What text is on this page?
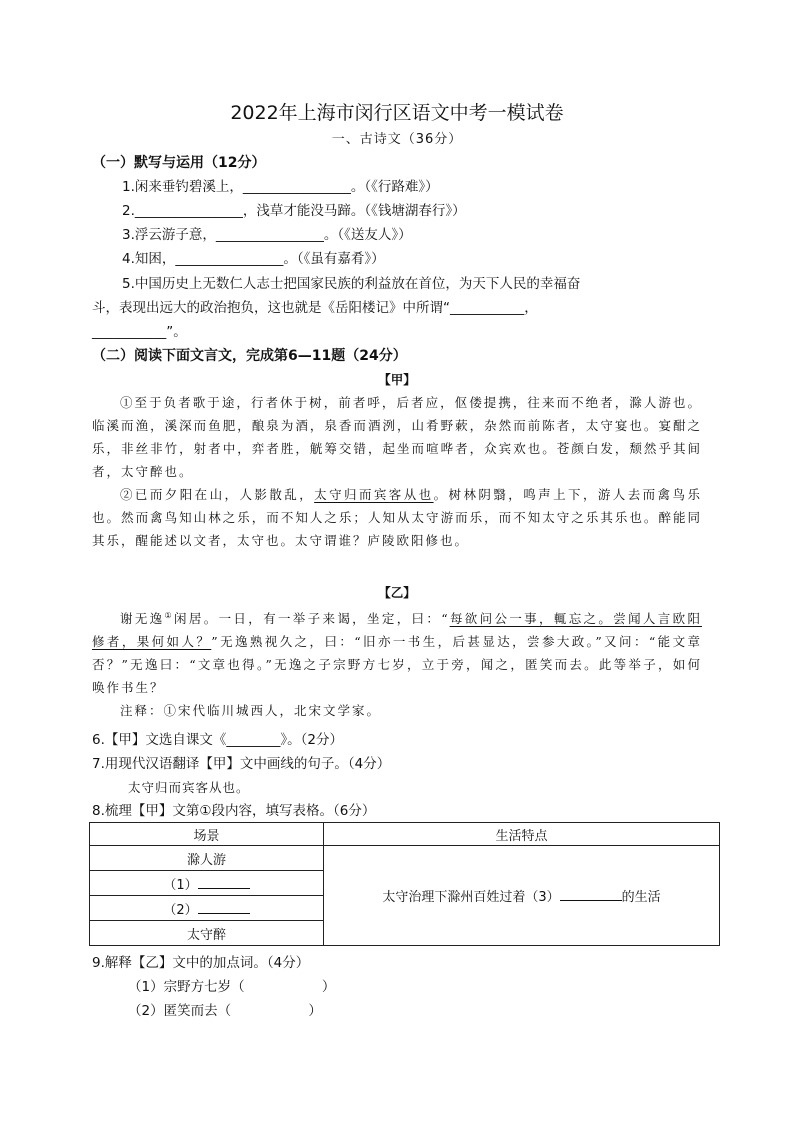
2022年上海市闵行区语文中考一模试卷
一、古诗文（36分）
（一）默写与运用（12分）
1.闲来垂钓碧溪上，________________。（《行路难》）
2.________________，浅草才能没马蹄。（《钱塘湖春行》）
3.浮云游子意，________________。（《送友人》）
4.知困，________________。（《虽有嘉肴》）
5.中国历史上无数仁人志士把国家民族的利益放在首位，为天下人民的幸福奋
斗，表现出远大的政治抱负，这也就是《岳阳楼记》中所谓“___________，
___________”。
（二）阅读下面文言文，完成第6—11题（24分）
【甲】

①至于负者歌于途，行者休于树，前者呼，后者应，伛偻提携，往来而不绝者，滁人游也。临溪而渔，溪深而鱼肥，酿泉为酒，泉香而酒洌，山肴野蔌，杂然而前陈者，太守宴也。宴酣之乐，非丝非竹，射者中，弈者胜，觥筹交错，起坐而喧哗者，众宾欢也。苍颜白发，颓然乎其间者，太守醉也。

②已而夕阳在山，人影散乱，太守归而宾客从也。树林阴翳，鸣声上下，游人去而禽鸟乐也。然而禽鸟知山林之乐，而不知人之乐；人知从太守游而乐，而不知太守之乐其乐也。醉能同其乐，醒能述以文者，太守也。太守谓谁？庐陵欧阳修也。

【乙】

谢无逸①闲居。一日，有一举子来谒，坐定，曰：“每欲问公一事，輒忘之。尝闻人言欧阳修者，果何如人？”无逸熟视久之，曰：“旧亦一书生，后甚显达，尝参大政。”又问：“能文章否？”无逸曰：“文章也得。”无逸之子宗野方七岁，立于旁，闻之，匿笑而去。此等举子，如何唤作书生？

注释：①宋代临川城西人，北宋文学家。

6.【甲】文选自课文《________》。（2分）
7.用现代汉语翻译【甲】文中画线的句子。（4分）
太守归而宾客从也。
8.梳理【甲】文第①段内容，填写表格。（6分）
场景	生活特点
滁人游	太守治理下滁州百姓过着（3） 的生活
（1）	
（2）	
太守醉	
9.解释【乙】文中的加点词。（4分）
（1）宗野方七岁（                  ）
（2）匿笑而去（                  ）
